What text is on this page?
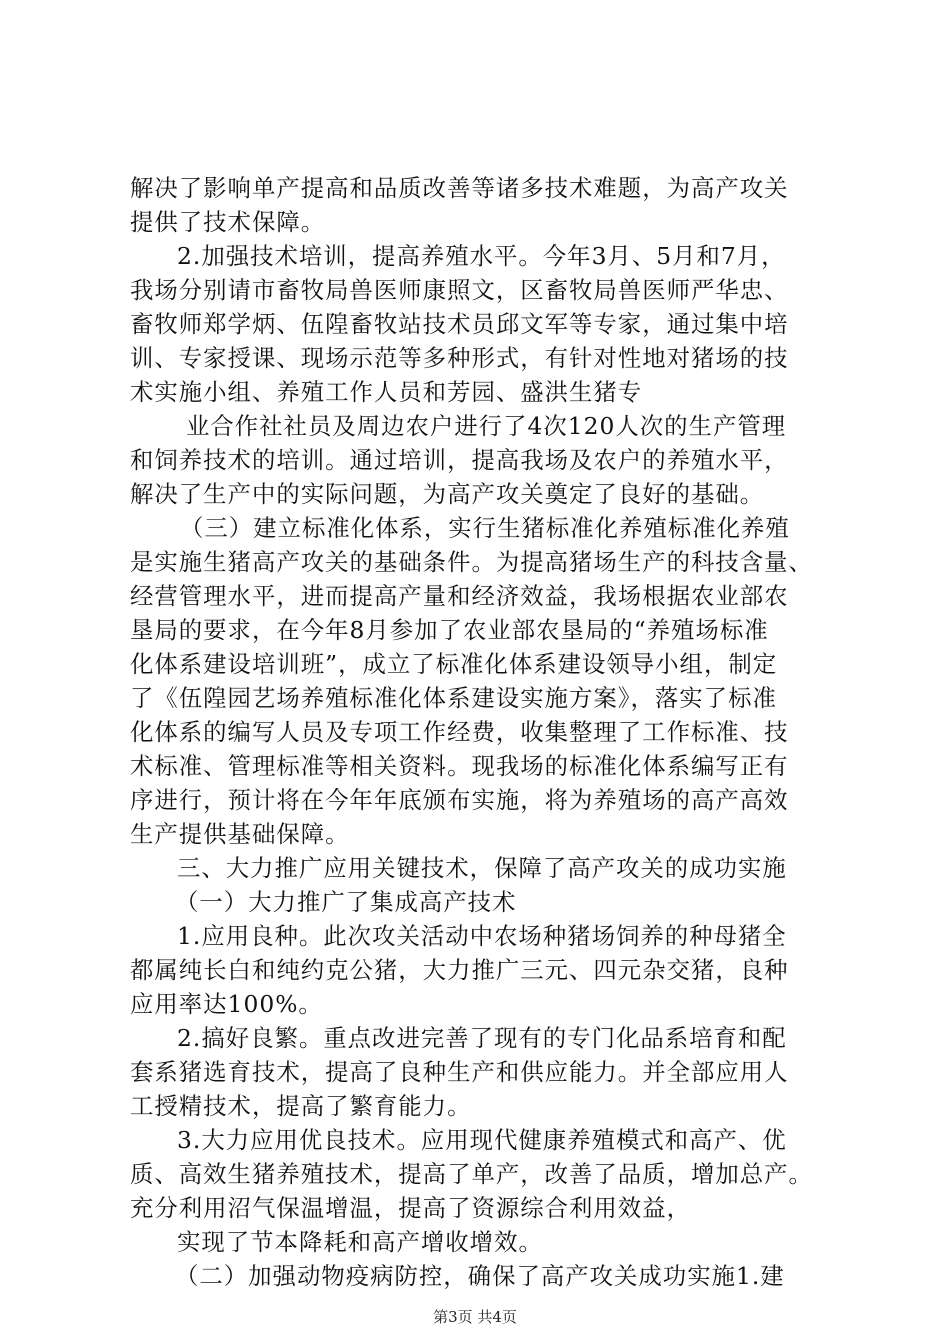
解决了影响单产提高和品质改善等诸多技术难题，为高产攻关
提供了技术保障。
2.加强技术培训，提高养殖水平。今年3月、5月和7月，
我场分别请市畜牧局兽医师康照文，区畜牧局兽医师严华忠、
畜牧师郑学炳、伍隍畜牧站技术员邱文军等专家，通过集中培
训、专家授课、现场示范等多种形式，有针对性地对猪场的技
术实施小组、养殖工作人员和芳园、盛洪生猪专
业合作社社员及周边农户进行了4次120人次的生产管理
和饲养技术的培训。通过培训，提高我场及农户的养殖水平，
解决了生产中的实际问题，为高产攻关奠定了良好的基础。
（三）建立标准化体系，实行生猪标准化养殖标准化养殖
是实施生猪高产攻关的基础条件。为提高猪场生产的科技含量、
经营管理水平，进而提高产量和经济效益，我场根据农业部农
垦局的要求，在今年8月参加了农业部农垦局的“养殖场标准
化体系建设培训班”，成立了标准化体系建设领导小组，制定
了《伍隍园艺场养殖标准化体系建设实施方案》，落实了标准
化体系的编写人员及专项工作经费，收集整理了工作标准、技
术标准、管理标准等相关资料。现我场的标准化体系编写正有
序进行，预计将在今年年底颁布实施，将为养殖场的高产高效
生产提供基础保障。
三、大力推广应用关键技术，保障了高产攻关的成功实施
（一）大力推广了集成高产技术
1.应用良种。此次攻关活动中农场种猪场饲养的种母猪全
都属纯长白和纯约克公猪，大力推广三元、四元杂交猪，良种
应用率达100%。
2.搞好良繁。重点改进完善了现有的专门化品系培育和配
套系猪选育技术，提高了良种生产和供应能力。并全部应用人
工授精技术，提高了繁育能力。
3.大力应用优良技术。应用现代健康养殖模式和高产、优
质、高效生猪养殖技术，提高了单产，改善了品质，增加总产。
充分利用沼气保温增温，提高了资源综合利用效益，
实现了节本降耗和高产增收增效。
（二）加强动物疫病防控，确保了高产攻关成功实施1.建
第3页 共4页
